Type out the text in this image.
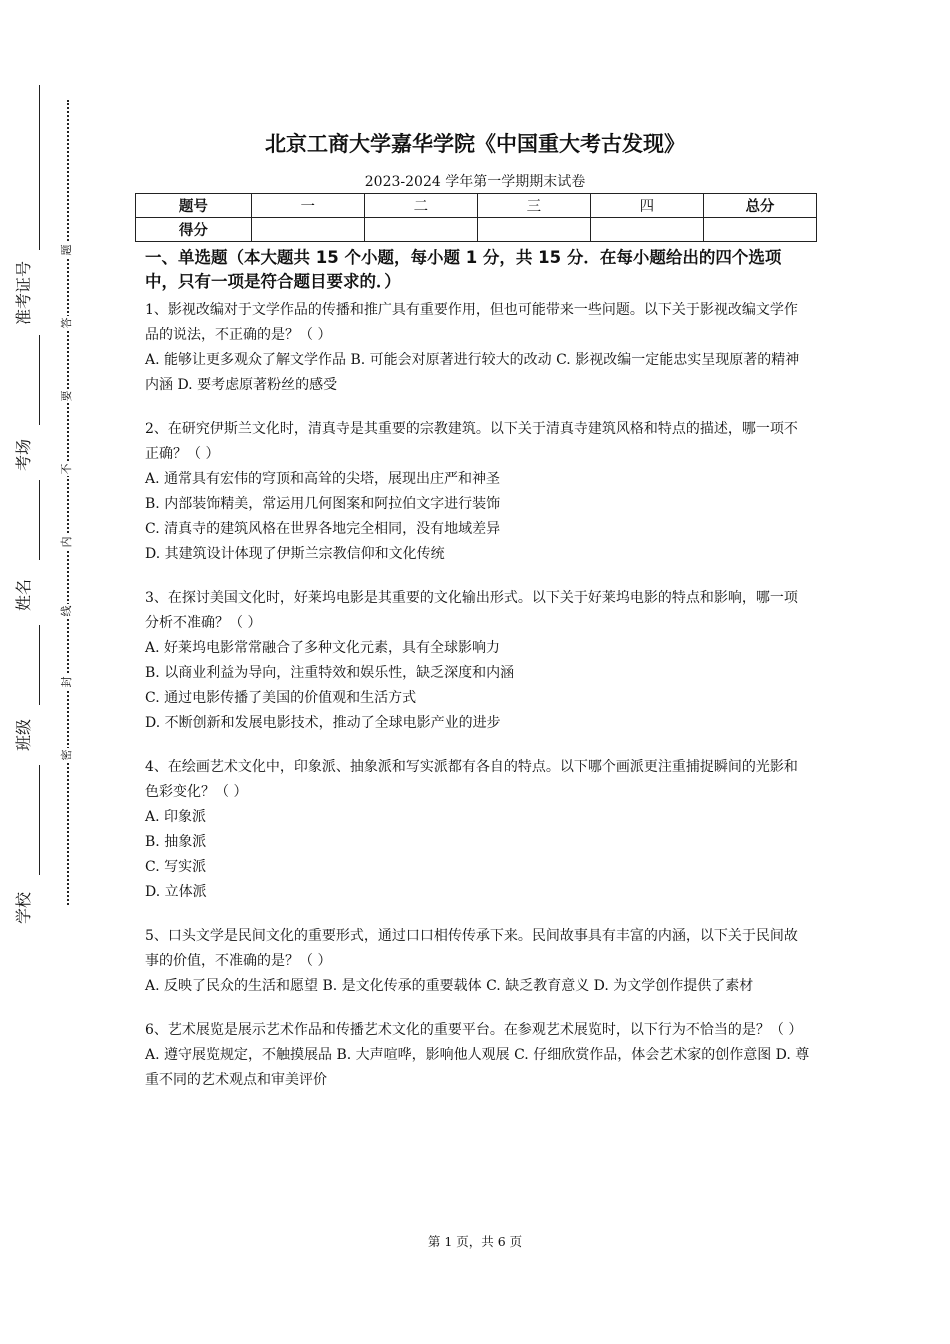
准考证号
考场
姓名
班级
学校
题
答
要
不
内
线
封
密
北京工商大学嘉华学院《中国重大考古发现》
2023-2024 学年第一学期期末试卷
题号	一	二	三	四	总分
得分					
一、单选题（本大题共 15 个小题，每小题 1 分，共 15 分．在每小题给出的四个选项中，只有一项是符合题目要求的．）

1、影视改编对于文学作品的传播和推广具有重要作用，但也可能带来一些问题。以下关于影视改编文学作品的说法，不正确的是？（ ）

A. 能够让更多观众了解文学作品 B. 可能会对原著进行较大的改动 C. 影视改编一定能忠实呈现原著的精神内涵 D. 要考虑原著粉丝的感受

2、在研究伊斯兰文化时，清真寺是其重要的宗教建筑。以下关于清真寺建筑风格和特点的描述，哪一项不正确？（ ）

A. 通常具有宏伟的穹顶和高耸的尖塔，展现出庄严和神圣

B. 内部装饰精美，常运用几何图案和阿拉伯文字进行装饰

C. 清真寺的建筑风格在世界各地完全相同，没有地域差异

D. 其建筑设计体现了伊斯兰宗教信仰和文化传统

3、在探讨美国文化时，好莱坞电影是其重要的文化输出形式。以下关于好莱坞电影的特点和影响，哪一项分析不准确？（ ）

A. 好莱坞电影常常融合了多种文化元素，具有全球影响力

B. 以商业利益为导向，注重特效和娱乐性，缺乏深度和内涵

C. 通过电影传播了美国的价值观和生活方式

D. 不断创新和发展电影技术，推动了全球电影产业的进步

4、在绘画艺术文化中，印象派、抽象派和写实派都有各自的特点。以下哪个画派更注重捕捉瞬间的光影和色彩变化？（ ）

A. 印象派

B. 抽象派

C. 写实派

D. 立体派

5、口头文学是民间文化的重要形式，通过口口相传传承下来。民间故事具有丰富的内涵，以下关于民间故事的价值，不准确的是？（ ）

A. 反映了民众的生活和愿望 B. 是文化传承的重要载体 C. 缺乏教育意义 D. 为文学创作提供了素材

6、艺术展览是展示艺术作品和传播艺术文化的重要平台。在参观艺术展览时，以下行为不恰当的是？（ ）

A. 遵守展览规定，不触摸展品 B. 大声喧哗，影响他人观展 C. 仔细欣赏作品，体会艺术家的创作意图 D. 尊重不同的艺术观点和审美评价

第 1 页，共 6 页
